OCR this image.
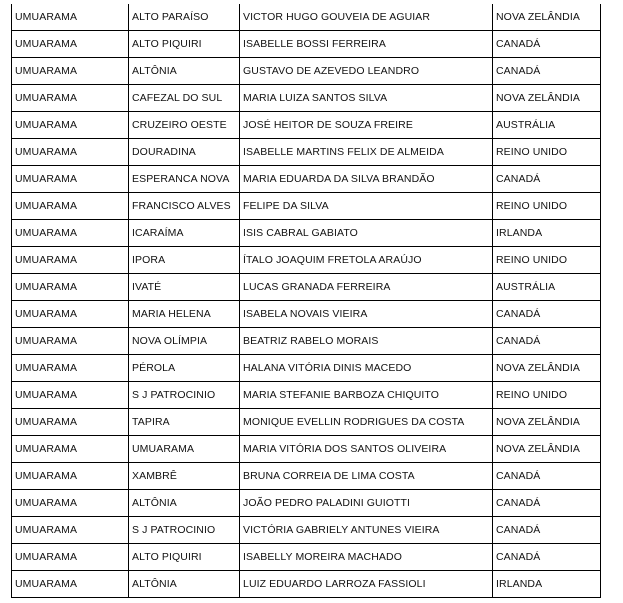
UMUARAMA	ALTO PARAÍSO	VICTOR HUGO GOUVEIA DE AGUIAR	NOVA ZELÂNDIA
UMUARAMA	ALTO PIQUIRI	ISABELLE BOSSI FERREIRA	CANADÁ
UMUARAMA	ALTÔNIA	GUSTAVO DE AZEVEDO LEANDRO	CANADÁ
UMUARAMA	CAFEZAL DO SUL	MARIA LUIZA SANTOS SILVA	NOVA ZELÂNDIA
UMUARAMA	CRUZEIRO OESTE	JOSÉ HEITOR DE SOUZA FREIRE	AUSTRÁLIA
UMUARAMA	DOURADINA	ISABELLE MARTINS FELIX DE ALMEIDA	REINO UNIDO
UMUARAMA	ESPERANCA NOVA	MARIA EDUARDA DA SILVA BRANDÃO	CANADÁ
UMUARAMA	FRANCISCO ALVES	FELIPE DA SILVA	REINO UNIDO
UMUARAMA	ICARAÍMA	ISIS CABRAL GABIATO	IRLANDA
UMUARAMA	IPORA	ÍTALO JOAQUIM FRETOLA ARAÚJO	REINO UNIDO
UMUARAMA	IVATÉ	LUCAS GRANADA FERREIRA	AUSTRÁLIA
UMUARAMA	MARIA HELENA	ISABELA NOVAIS VIEIRA	CANADÁ
UMUARAMA	NOVA OLÍMPIA	BEATRIZ RABELO MORAIS	CANADÁ
UMUARAMA	PÉROLA	HALANA VITÓRIA DINIS MACEDO	NOVA ZELÂNDIA
UMUARAMA	S J PATROCINIO	MARIA STEFANIE BARBOZA CHIQUITO	REINO UNIDO
UMUARAMA	TAPIRA	MONIQUE EVELLIN RODRIGUES DA COSTA	NOVA ZELÂNDIA
UMUARAMA	UMUARAMA	MARIA VITÓRIA DOS SANTOS OLIVEIRA	NOVA ZELÂNDIA
UMUARAMA	XAMBRÊ	BRUNA CORREIA DE LIMA COSTA	CANADÁ
UMUARAMA	ALTÔNIA	JOÃO PEDRO PALADINI GUIOTTI	CANADÁ
UMUARAMA	S J PATROCINIO	VICTÓRIA GABRIELY ANTUNES VIEIRA	CANADÁ
UMUARAMA	ALTO PIQUIRI	ISABELLY MOREIRA MACHADO	CANADÁ
UMUARAMA	ALTÔNIA	LUIZ EDUARDO LARROZA FASSIOLI	IRLANDA
